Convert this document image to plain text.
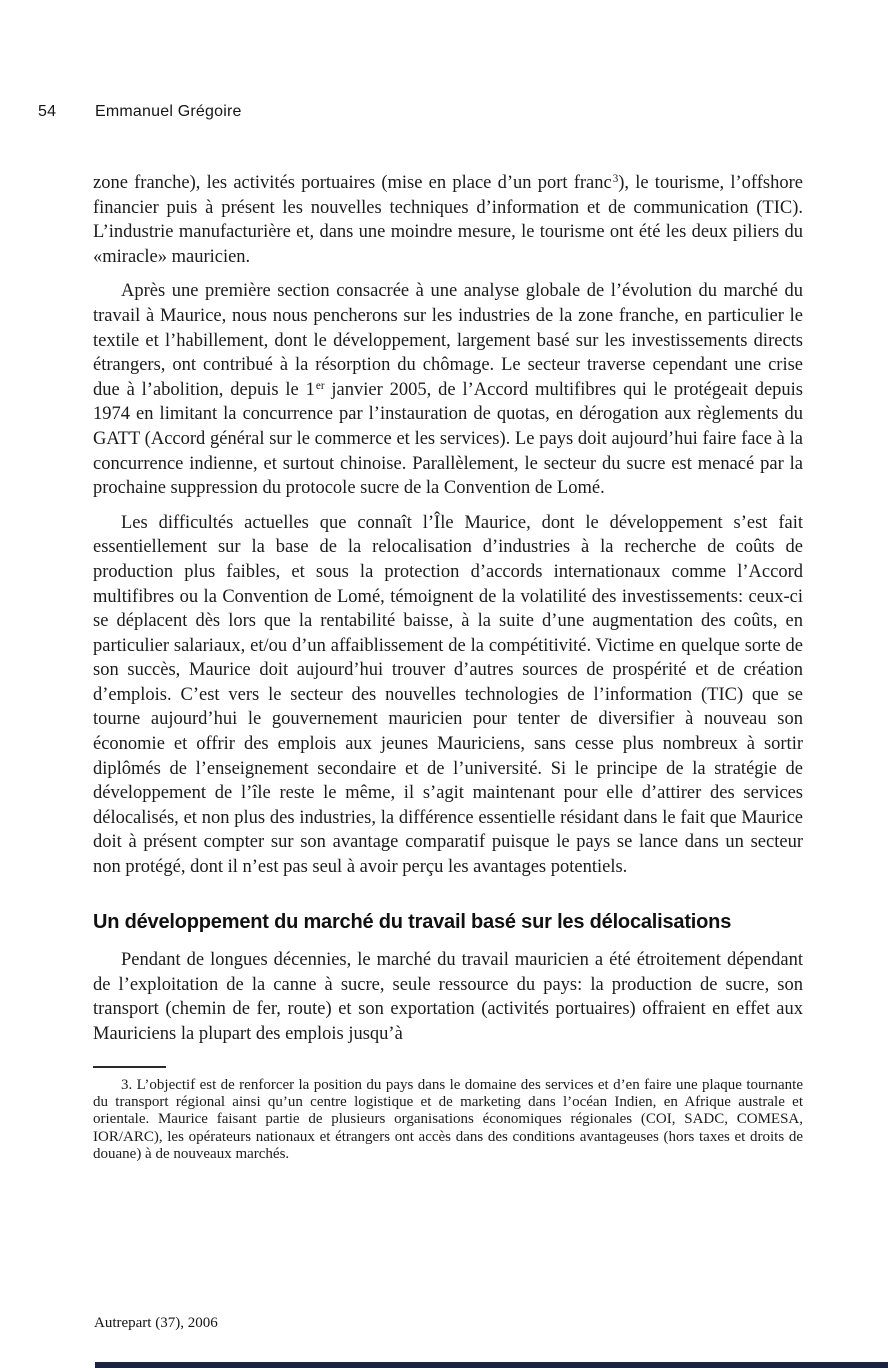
54 Emmanuel Grégoire

zone franche), les activités portuaires (mise en place d’un port franc$^3$), le tourisme, l’offshore financier puis à présent les nouvelles techniques d’information et de communication (TIC). L’industrie manufacturière et, dans une moindre mesure, le tourisme ont été les deux piliers du «miracle» mauricien.

Après une première section consacrée à une analyse globale de l’évolution du marché du travail à Maurice, nous nous pencherons sur les industries de la zone franche, en particulier le textile et l’habillement, dont le développement, largement basé sur les investissements directs étrangers, ont contribué à la résorption du chômage. Le secteur traverse cependant une crise due à l’abolition, depuis le 1er janvier 2005, de l’Accord multifibres qui le protégeait depuis 1974 en limitant la concurrence par l’instauration de quotas, en dérogation aux règlements du GATT (Accord général sur le commerce et les services). Le pays doit aujourd’hui faire face à la concurrence indienne, et surtout chinoise. Parallèlement, le secteur du sucre est menacé par la prochaine suppression du protocole sucre de la Convention de Lomé.

Les difficultés actuelles que connaît l’Île Maurice, dont le développement s’est fait essentiellement sur la base de la relocalisation d’industries à la recherche de coûts de production plus faibles, et sous la protection d’accords internationaux comme l’Accord multifibres ou la Convention de Lomé, témoignent de la volatilité des investissements: ceux-ci se déplacent dès lors que la rentabilité baisse, à la suite d’une augmentation des coûts, en particulier salariaux, et/ou d’un affaiblissement de la compétitivité. Victime en quelque sorte de son succès, Maurice doit aujourd’hui trouver d’autres sources de prospérité et de création d’emplois. C’est vers le secteur des nouvelles technologies de l’information (TIC) que se tourne aujourd’hui le gouvernement mauricien pour tenter de diversifier à nouveau son économie et offrir des emplois aux jeunes Mauriciens, sans cesse plus nombreux à sortir diplômés de l’enseignement secondaire et de l’université. Si le principe de la stratégie de développement de l’île reste le même, il s’agit maintenant pour elle d’attirer des services délocalisés, et non plus des industries, la différence essentielle résidant dans le fait que Maurice doit à présent compter sur son avantage comparatif puisque le pays se lance dans un secteur non protégé, dont il n’est pas seul à avoir perçu les avantages potentiels.

Un développement du marché du travail basé sur les délocalisations

Pendant de longues décennies, le marché du travail mauricien a été étroitement dépendant de l’exploitation de la canne à sucre, seule ressource du pays: la production de sucre, son transport (chemin de fer, route) et son exportation (activités portuaires) offraient en effet aux Mauriciens la plupart des emplois jusqu’à

3. L’objectif est de renforcer la position du pays dans le domaine des services et d’en faire une plaque tournante du transport régional ainsi qu’un centre logistique et de marketing dans l’océan Indien, en Afrique australe et orientale. Maurice faisant partie de plusieurs organisations économiques régionales (COI, SADC, COMESA, IOR/ARC), les opérateurs nationaux et étrangers ont accès dans des conditions avantageuses (hors taxes et droits de douane) à de nouveaux marchés.

Autrepart (37), 2006
